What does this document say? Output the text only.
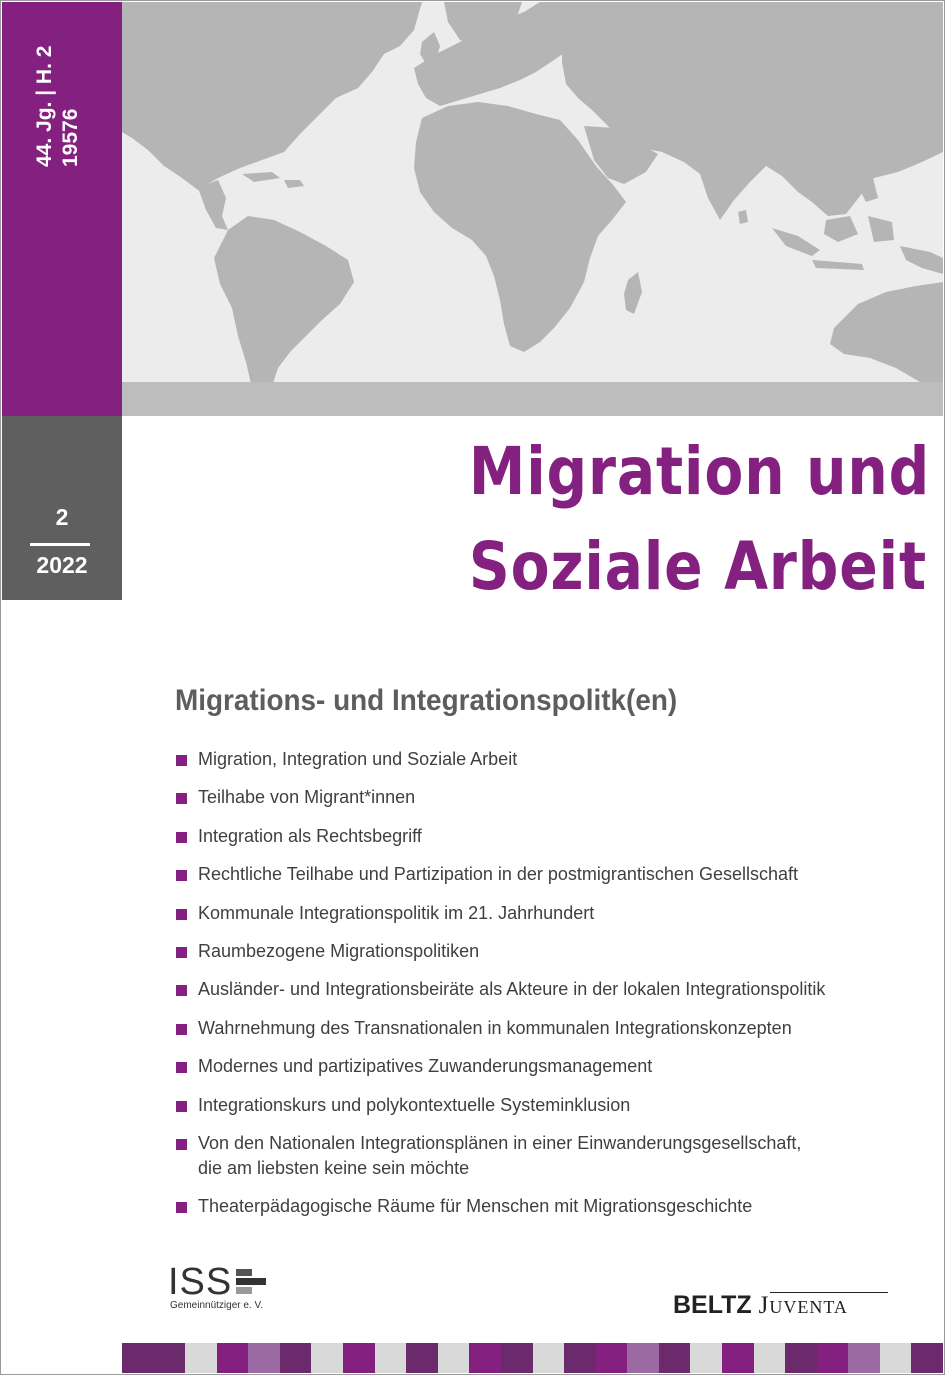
44. Jg. | H. 2 19576
2
2022
Migration und
Soziale Arbeit
Migrations- und Integrationspolitk(en)
Migration, Integration und Soziale Arbeit
Teilhabe von Migrant*innen
Integration als Rechtsbegriff
Rechtliche Teilhabe und Partizipation in der postmigrantischen Gesellschaft
Kommunale Integrationspolitik im 21. Jahrhundert
Raumbezogene Migrationspolitiken
Ausländer- und Integrationsbeiräte als Akteure in der lokalen Integrationspolitik
Wahrnehmung des Transnationalen in kommunalen Integrationskonzepten
Modernes und partizipatives Zuwanderungsmanagement
Integrationskurs und polykontextuelle Systeminklusion
Von den Nationalen Integrationsplänen in einer Einwanderungsgesellschaft,
die am liebsten keine sein möchte
Theaterpädagogische Räume für Menschen mit Migrationsgeschichte
ISS
Gemeinnütziger e. V.	BELTZ Juventa
